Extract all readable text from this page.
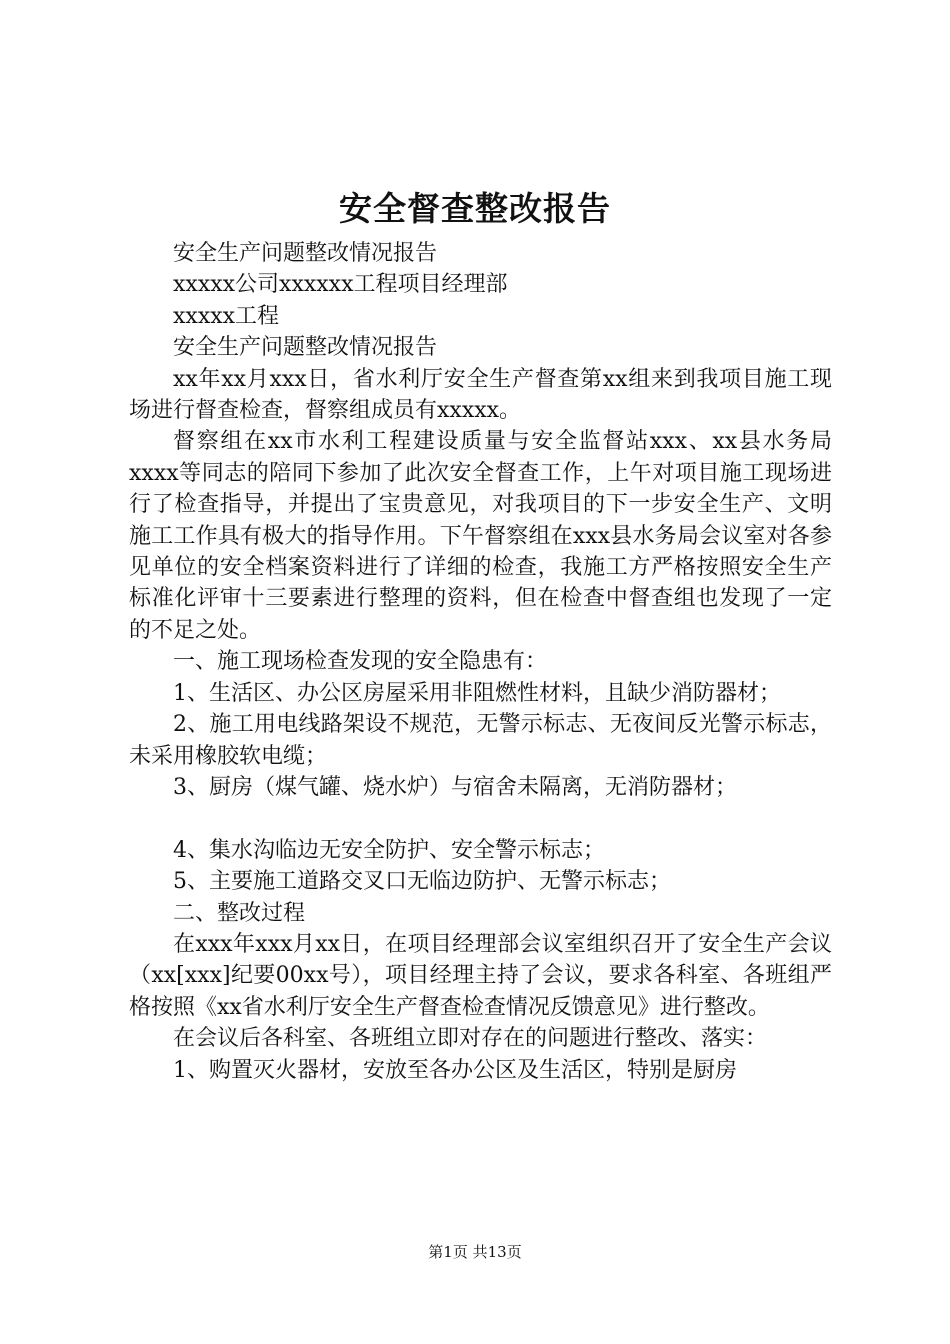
安全督查整改报告

安全生产问题整改情况报告

xxxxx公司xxxxxx工程项目经理部

xxxxx工程

安全生产问题整改情况报告

xx年xx月xxx日，省水利厅安全生产督查第xx组来到我项目施工现场进行督查检查，督察组成员有xxxxx。

督察组在xx市水利工程建设质量与安全监督站xxx、xx县水务局xxxx等同志的陪同下参加了此次安全督查工作，上午对项目施工现场进行了检查指导，并提出了宝贵意见，对我项目的下一步安全生产、文明施工工作具有极大的指导作用。下午督察组在xxx县水务局会议室对各参见单位的安全档案资料进行了详细的检查，我施工方严格按照安全生产标准化评审十三要素进行整理的资料，但在检查中督查组也发现了一定的不足之处。

一、施工现场检查发现的安全隐患有：

1、生活区、办公区房屋采用非阻燃性材料，且缺少消防器材；

2、施工用电线路架设不规范，无警示标志、无夜间反光警示标志，未采用橡胶软电缆；

3、厨房（煤气罐、烧水炉）与宿舍未隔离，无消防器材；

4、集水沟临边无安全防护、安全警示标志；

5、主要施工道路交叉口无临边防护、无警示标志；

二、整改过程

在xxx年xxx月xx日，在项目经理部会议室组织召开了安全生产会议（xx[xxx]纪要00xx号），项目经理主持了会议，要求各科室、各班组严格按照《xx省水利厅安全生产督查检查情况反馈意见》进行整改。

在会议后各科室、各班组立即对存在的问题进行整改、落实：

1、购置灭火器材，安放至各办公区及生活区，特别是厨房

第1页 共13页
